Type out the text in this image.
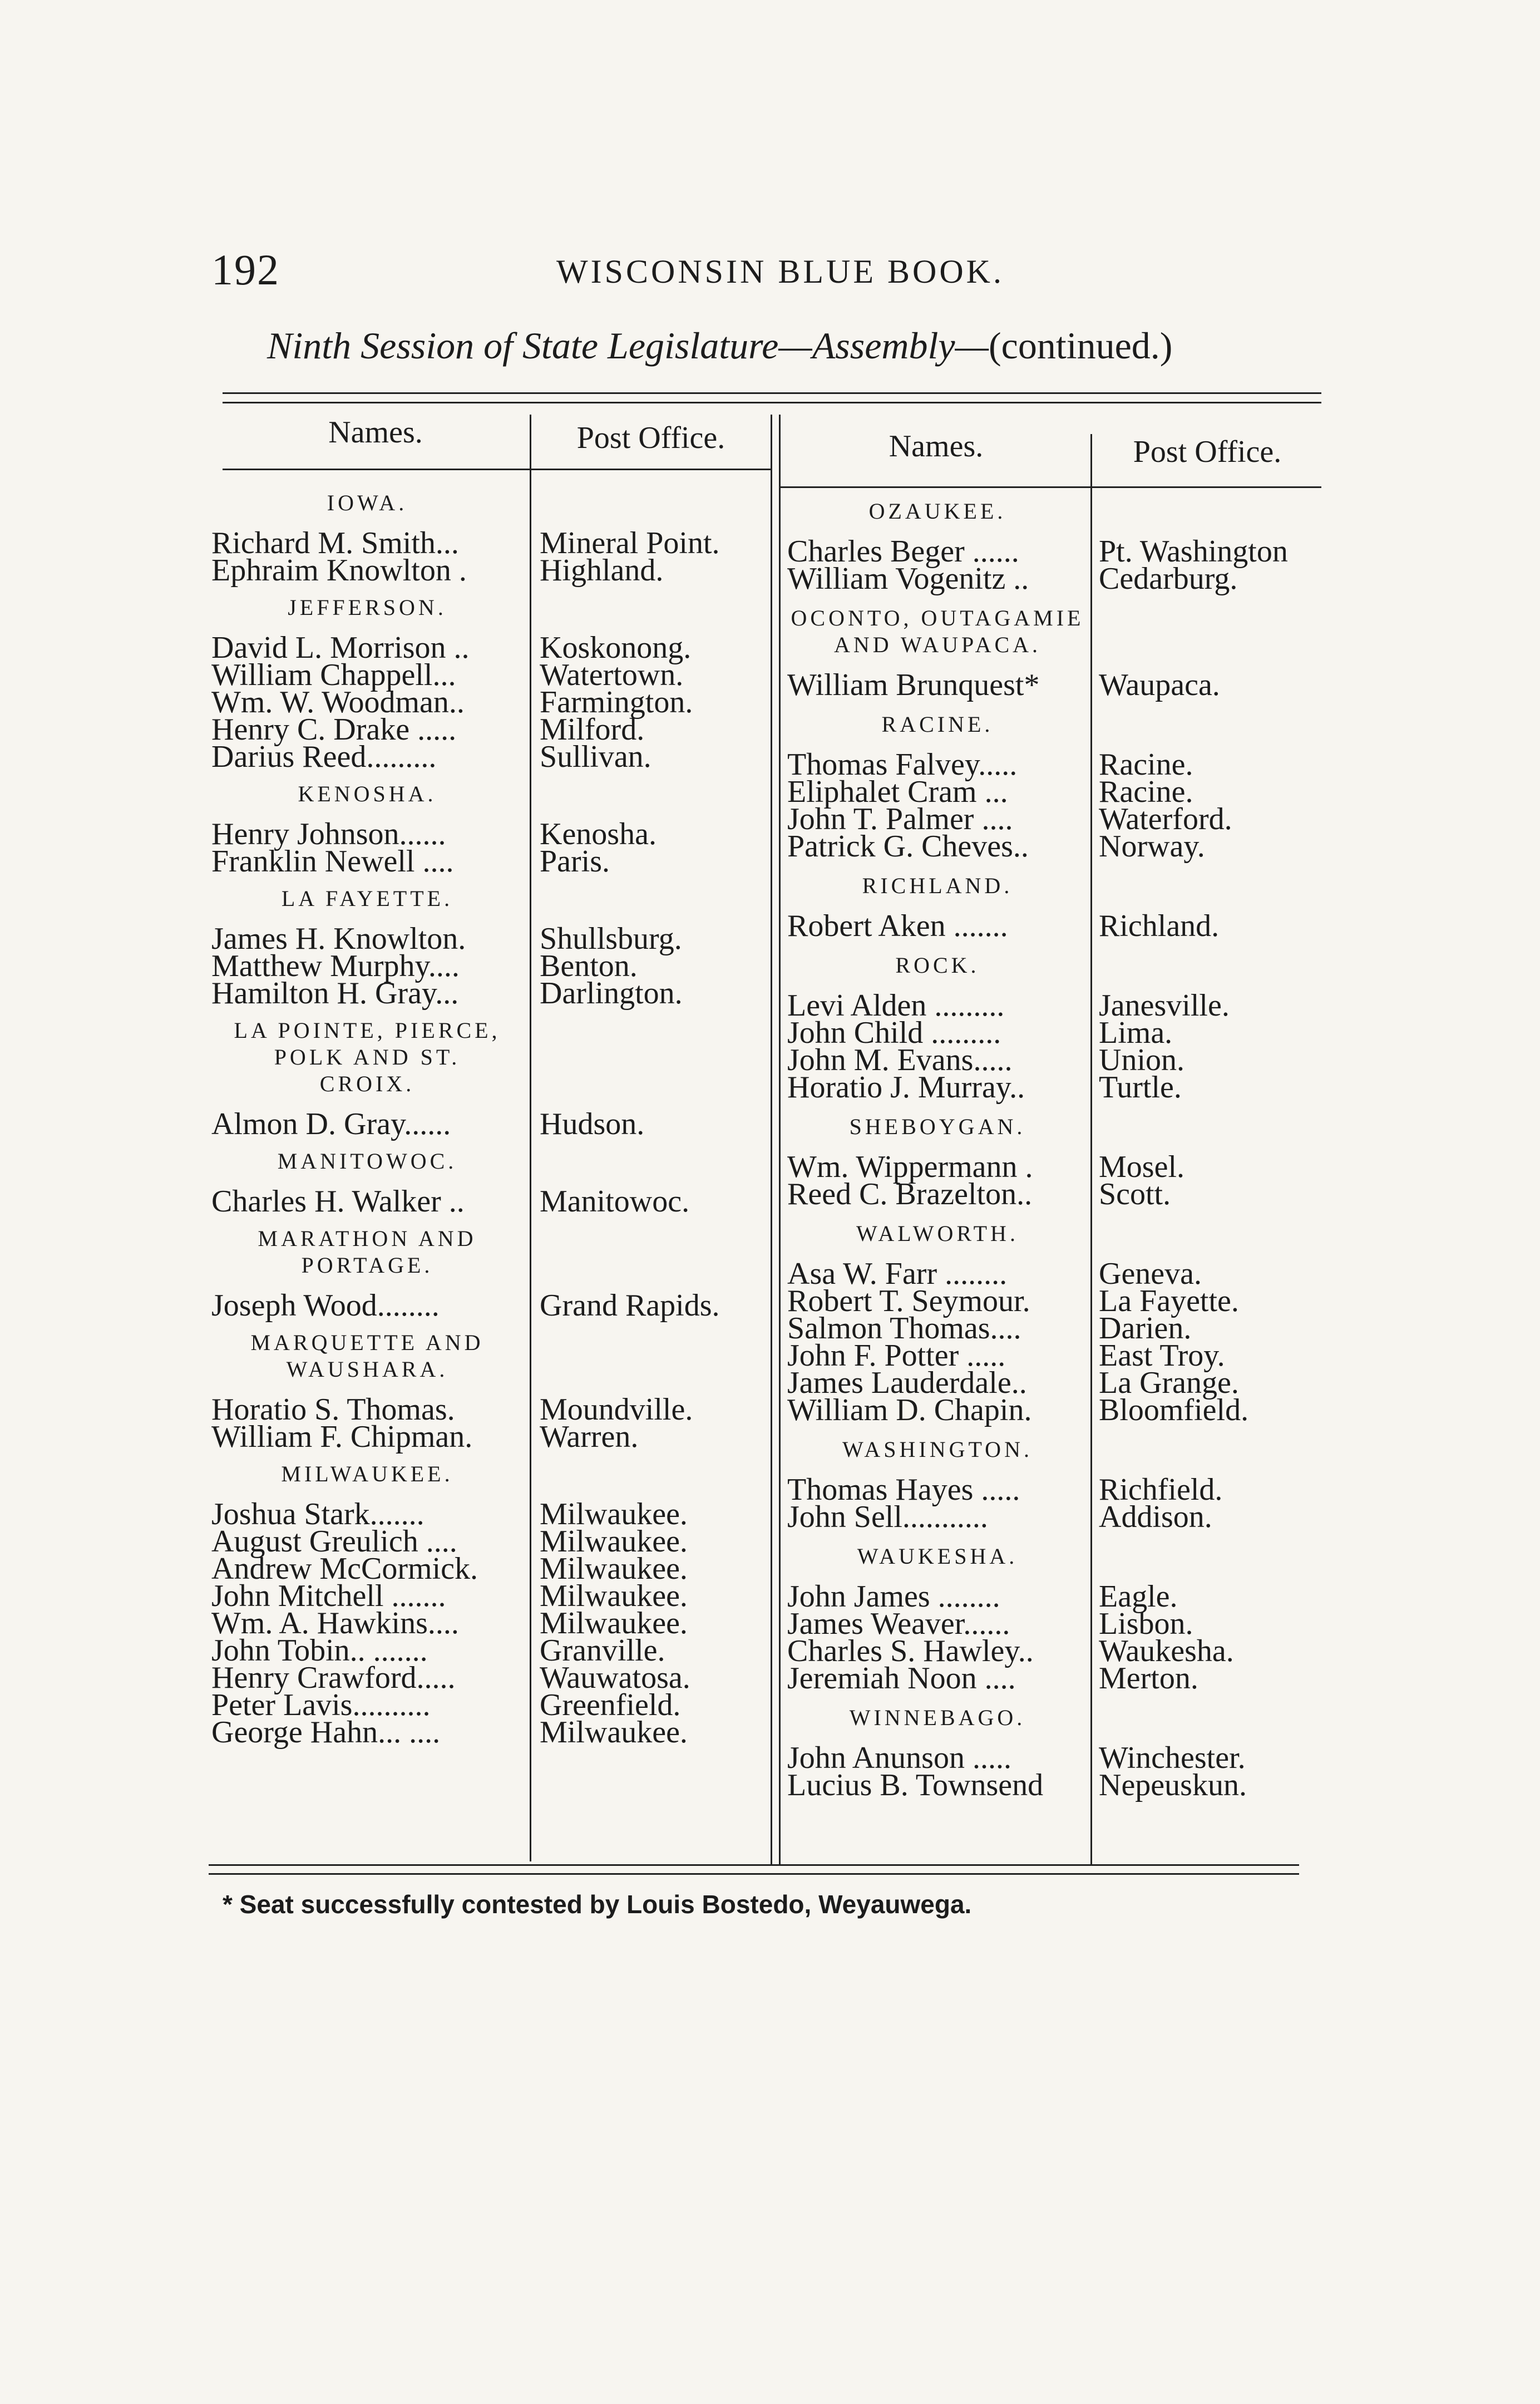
192	WISCONSIN BLUE BOOK.
Ninth Session of State Legislature—Assembly—(continued.)
Names.	Post Office.	Names.	Post Office.
IOWA.
Richard M. Smith...	Mineral Point.
Ephraim Knowlton . Highland.
JEFFERSON.
David L. Morrison .. Koskonong.
William Chappell...	Watertown.
Wm. W. Woodman.. Farmington.
Henry C. Drake .....	Milford.
Darius Reed.........	Sullivan.
KENOSHA.
Henry Johnson......	Kenosha.
Franklin Newell ....	Paris.
LA FAYETTE.
James H. Knowlton. Shullsburg.
Matthew Murphy....	Benton.
Hamilton H. Gray...	Darlington.
LA POINTE, PIERCE,
POLK AND ST.
CROIX.
Almon D. Gray......	Hudson.
MANITOWOC.
Charles H. Walker .. Manitowoc.
MARATHON AND
PORTAGE.
Joseph Wood........	Grand Rapids.
MARQUETTE AND
WAUSHARA.
Horatio S. Thomas.	Moundville.
William F. Chipman. Warren.
MILWAUKEE.
Joshua Stark.......	Milwaukee.
August Greulich ....	Milwaukee.
Andrew McCormick. Milwaukee.
John Mitchell .......	Milwaukee.
Wm. A. Hawkins....	Milwaukee.
John Tobin.. .......	Granville.
Henry Crawford.....	Wauwatosa.
Peter Lavis..........	Greenfield.
George Hahn... ....	Milwaukee.
OZAUKEE.
Charles Beger ......	Pt. Washington
William Vogenitz .. Cedarburg.
OCONTO, OUTAGAMIE
AND WAUPACA.
William Brunquest* Waupaca.
RACINE.
Thomas Falvey.....	Racine.
Eliphalet Cram ...	Racine.
John T. Palmer ....	Waterford.
Patrick G. Cheves.. Norway.
RICHLAND.
Robert Aken .......	Richland.
ROCK.
Levi Alden .........	Janesville.
John Child .........	Lima.
John M. Evans.....	Union.
Horatio J. Murray.. Turtle.
SHEBOYGAN.
Wm. Wippermann . Mosel.
Reed C. Brazelton.. Scott.
WALWORTH.
Asa W. Farr ........	Geneva.
Robert T. Seymour. La Fayette.
Salmon Thomas.... Darien.
John F. Potter .....	East Troy.
James Lauderdale.. La Grange.
William D. Chapin. Bloomfield.
WASHINGTON.
Thomas Hayes .....	Richfield.
John Sell...........	Addison.
WAUKESHA.
John James ........	Eagle.
James Weaver......	Lisbon.
Charles S. Hawley.. Waukesha.
Jeremiah Noon ....	Merton.
WINNEBAGO.
John Anunson .....	Winchester.
Lucius B. Townsend Nepeuskun.
* Seat successfully contested by Louis Bostedo, Weyauwega.
